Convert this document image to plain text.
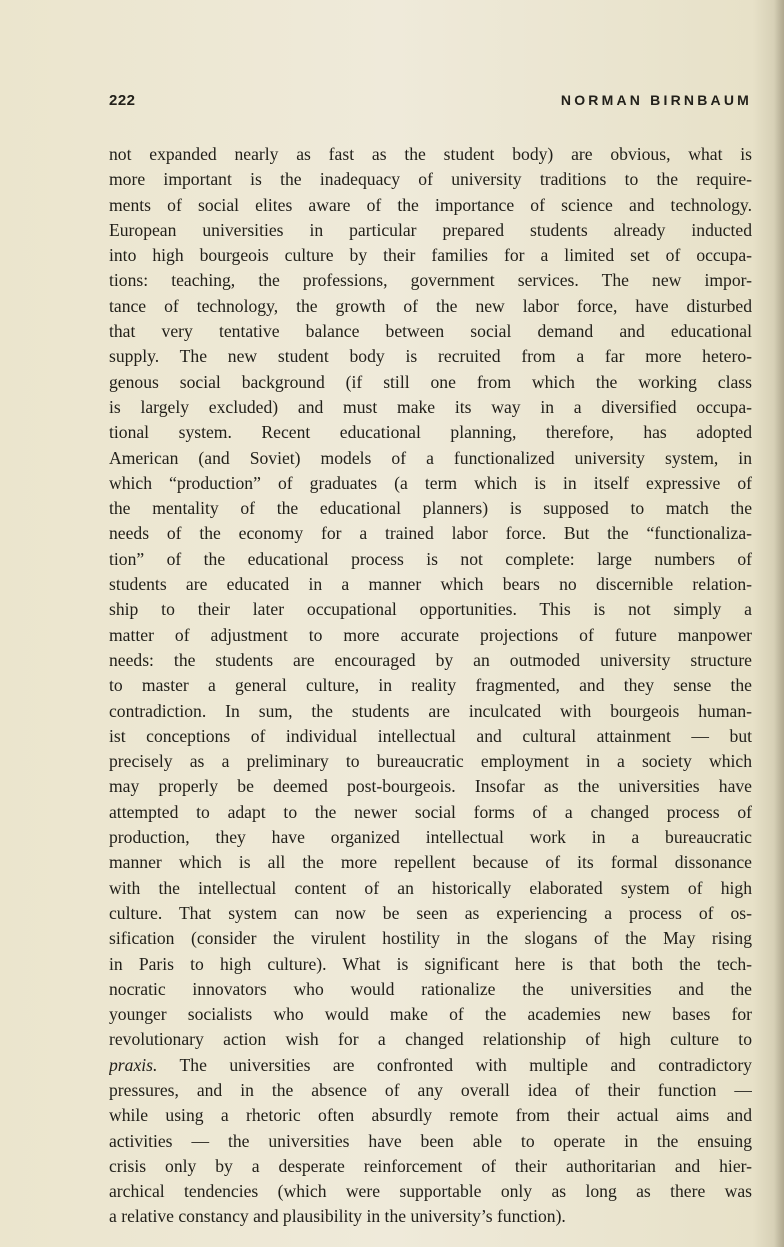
222	NORMAN BIRNBAUM
not expanded nearly as fast as the student body) are obvious, what is
more important is the inadequacy of university traditions to the require-
ments of social elites aware of the importance of science and technology.
European universities in particular prepared students already inducted
into high bourgeois culture by their families for a limited set of occupa-
tions: teaching, the professions, government services. The new impor-
tance of technology, the growth of the new labor force, have disturbed
that very tentative balance between social demand and educational
supply. The new student body is recruited from a far more hetero-
genous social background (if still one from which the working class
is largely excluded) and must make its way in a diversified occupa-
tional system. Recent educational planning, therefore, has adopted
American (and Soviet) models of a functionalized university system, in
which “production” of graduates (a term which is in itself expressive of
the mentality of the educational planners) is supposed to match the
needs of the economy for a trained labor force. But the “functionaliza-
tion” of the educational process is not complete: large numbers of
students are educated in a manner which bears no discernible relation-
ship to their later occupational opportunities. This is not simply a
matter of adjustment to more accurate projections of future manpower
needs: the students are encouraged by an outmoded university structure
to master a general culture, in reality fragmented, and they sense the
contradiction. In sum, the students are inculcated with bourgeois human-
ist conceptions of individual intellectual and cultural attainment — but
precisely as a preliminary to bureaucratic employment in a society which
may properly be deemed post-bourgeois. Insofar as the universities have
attempted to adapt to the newer social forms of a changed process of
production, they have organized intellectual work in a bureaucratic
manner which is all the more repellent because of its formal dissonance
with the intellectual content of an historically elaborated system of high
culture. That system can now be seen as experiencing a process of os-
sification (consider the virulent hostility in the slogans of the May rising
in Paris to high culture). What is significant here is that both the tech-
nocratic innovators who would rationalize the universities and the
younger socialists who would make of the academies new bases for
revolutionary action wish for a changed relationship of high culture to
praxis. The universities are confronted with multiple and contradictory
pressures, and in the absence of any overall idea of their function —
while using a rhetoric often absurdly remote from their actual aims and
activities — the universities have been able to operate in the ensuing
crisis only by a desperate reinforcement of their authoritarian and hier-
archical tendencies (which were supportable only as long as there was
a relative constancy and plausibility in the university’s function).
